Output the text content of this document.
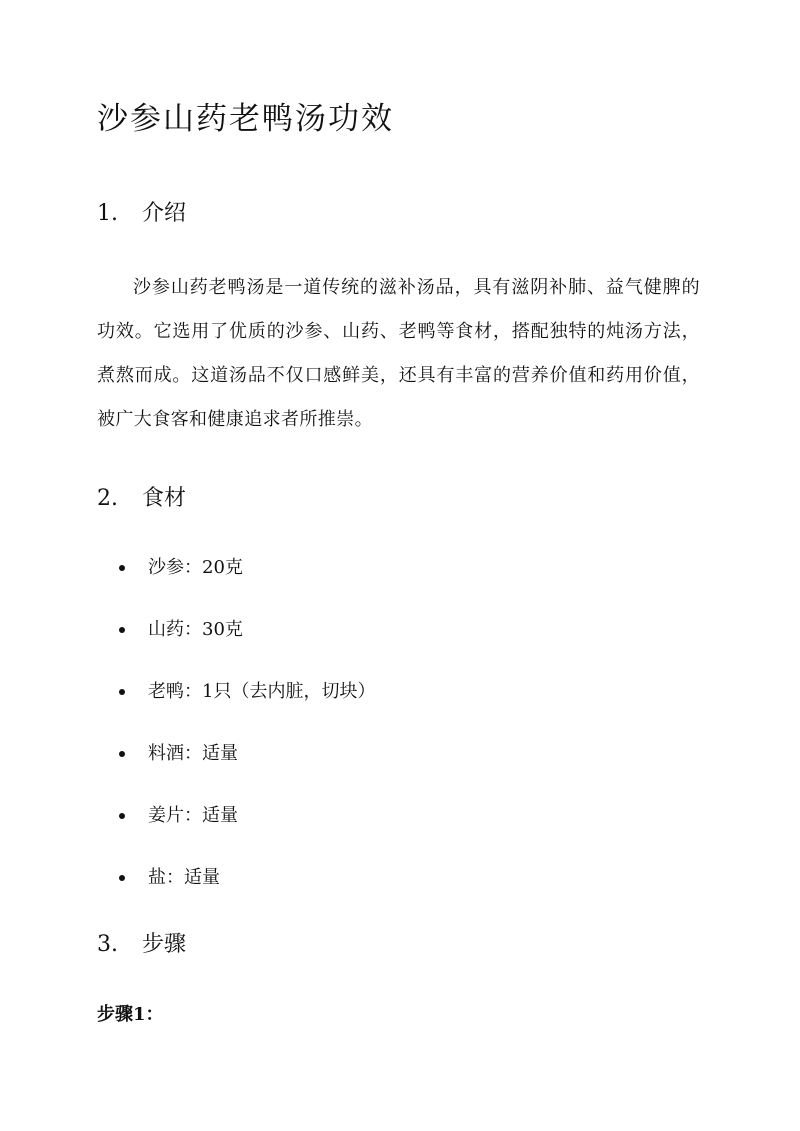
沙参山药老鸭汤功效
1. 介绍

沙参山药老鸭汤是一道传统的滋补汤品，具有滋阴补肺、益气健脾的功效。它选用了优质的沙参、山药、老鸭等食材，搭配独特的炖汤方法，煮熬而成。这道汤品不仅口感鲜美，还具有丰富的营养价值和药用价值，被广大食客和健康追求者所推崇。

2. 食材
沙参：20克
山药：30克
老鸭：1只（去内脏，切块）
料酒：适量
姜片：适量
盐：适量
3. 步骤

步骤1：
